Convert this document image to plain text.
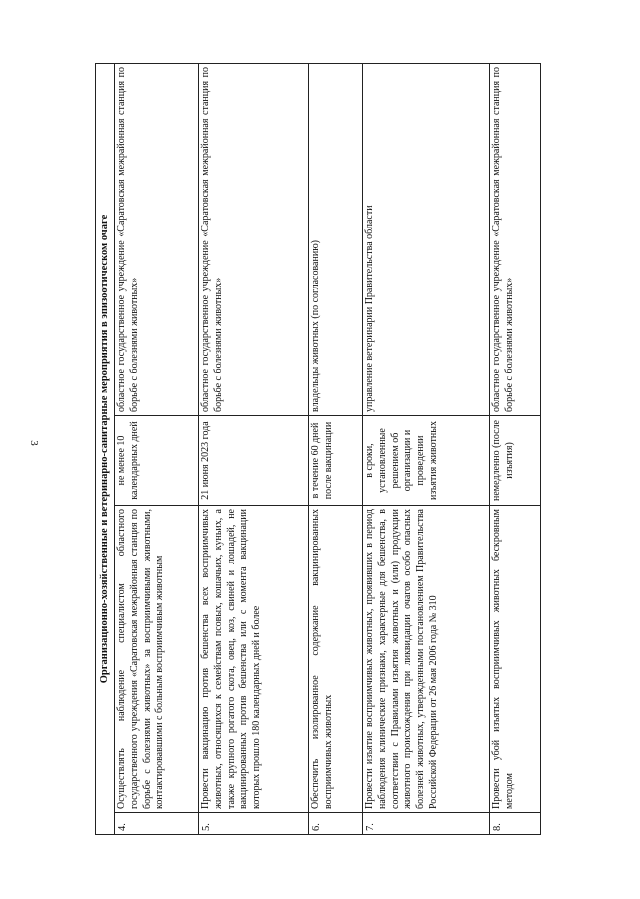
3	Организационно-хозяйственные и ветеринарно-санитарные мероприятия в эпизоотическом очаге			
4.	Осуществлять наблюдение специалистом областного государственного учреждения «Саратовская межрайонная станция по борьбе с болезнями животных» за восприимчивыми животными, контактировавшими с больным восприимчивым животным	не менее 10 календарных дней	областное государственное учреждение «Саратовская межрайонная станция по борьбе с болезнями животных»
5.	Провести вакцинацию против бешенства всех восприимчивых животных, относящихся к семействам псовых, кошачьих, куньих, а также крупного рогатого скота, овец, коз, свиней и лошадей, не вакцинированных против бешенства или с момента вакцинации которых прошло 180 календарных дней и более	21 июня 2023 года	областное государственное учреждение «Саратовская межрайонная станция по борьбе с болезнями животных»
6.	Обеспечить изолированное содержание вакцинированных восприимчивых животных	в течение 60 дней после вакцинации	владельцы животных (по согласованию)
7.	Провести изъятие восприимчивых животных, проявивших в период наблюдения клинические признаки, характерные для бешенства, в соответствии с Правилами изъятия животных и (или) продукции животного происхождения при ликвидации очагов особо опасных болезней животных, утвержденными постановлением Правительства Российской Федерации от 26 мая 2006 года № 310	в сроки, установленные решением об организации и проведении изъятия животных	управление ветеринарии Правительства области
8.	Провести убой изъятых восприимчивых животных бескровным методом	немедленно (после изъятия)	областное государственное учреждение «Саратовская межрайонная станция по борьбе с болезнями животных»
